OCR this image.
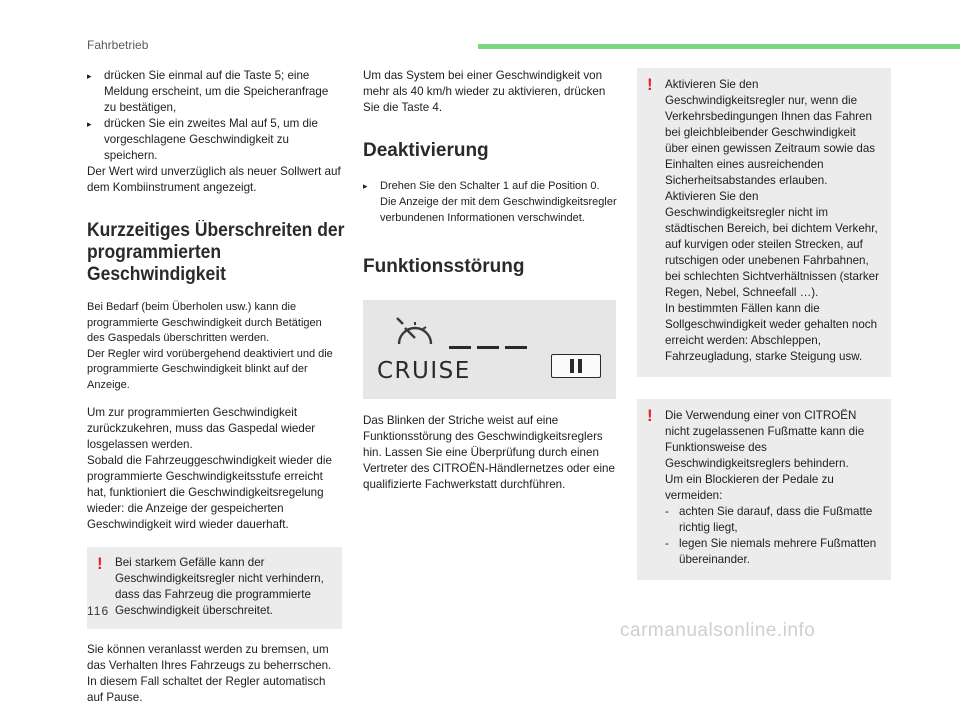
Fahrbetrieb
▸ drücken Sie einmal auf die Taste 5; eine Meldung erscheint, um die Speicheranfrage zu bestätigen,
▸ drücken Sie ein zweites Mal auf 5, um die vorgeschlagene Geschwindigkeit zu speichern.

Der Wert wird unverzüglich als neuer Sollwert auf dem Kombiinstrument angezeigt.

Kurzzeitiges Überschreiten der programmierten Geschwindigkeit

Bei Bedarf (beim Überholen usw.) kann die programmierte Geschwindigkeit durch Betätigen des Gaspedals überschritten werden.

Der Regler wird vorübergehend deaktiviert und die programmierte Geschwindigkeit blinkt auf der Anzeige.

Um zur programmierten Geschwindigkeit zurückzukehren, muss das Gaspedal wieder losgelassen werden.

Sobald die Fahrzeuggeschwindigkeit wieder die programmierte Geschwindigkeitsstufe erreicht hat, funktioniert die Geschwindigkeitsregelung wieder: die Anzeige der gespeicherten Geschwindigkeit wird wieder dauerhaft.

! Bei starkem Gefälle kann der Geschwindigkeitsregler nicht verhindern, dass das Fahrzeug die programmierte Geschwindigkeit überschreitet.

Sie können veranlasst werden zu bremsen, um das Verhalten Ihres Fahrzeugs zu beherrschen.

In diesem Fall schaltet der Regler automatisch auf Pause.

Um das System bei einer Geschwindigkeit von mehr als 40 km/h wieder zu aktivieren, drücken Sie die Taste 4.

Deaktivierung
▸ Drehen Sie den Schalter 1 auf die Position 0. Die Anzeige der mit dem Geschwindigkeitsregler verbundenen Informationen verschwindet.
Funktionsstörung
CRUISE

Das Blinken der Striche weist auf eine Funktionsstörung des Geschwindigkeitsreglers hin. Lassen Sie eine Überprüfung durch einen Vertreter des CITROËN-Händlernetzes oder eine qualifizierte Fachwerkstatt durchführen.

! Aktivieren Sie den Geschwindigkeitsregler nur, wenn die Verkehrsbedingungen Ihnen das Fahren bei gleichbleibender Geschwindigkeit über einen gewissen Zeitraum sowie das Einhalten eines ausreichenden Sicherheitsabstandes erlauben.

Aktivieren Sie den Geschwindigkeitsregler nicht im städtischen Bereich, bei dichtem Verkehr, auf kurvigen oder steilen Strecken, auf rutschigen oder unebenen Fahrbahnen, bei schlechten Sichtverhältnissen (starker Regen, Nebel, Schneefall …).

In bestimmten Fällen kann die Sollgeschwindigkeit weder gehalten noch erreicht werden: Abschleppen, Fahrzeugladung, starke Steigung usw.

! Die Verwendung einer von CITROËN nicht zugelassenen Fußmatte kann die Funktionsweise des Geschwindigkeitsreglers behindern.

Um ein Blockieren der Pedale zu vermeiden:

- achten Sie darauf, dass die Fußmatte richtig liegt,
- legen Sie niemals mehrere Fußmatten übereinander.
116
carmanualsonline.info
